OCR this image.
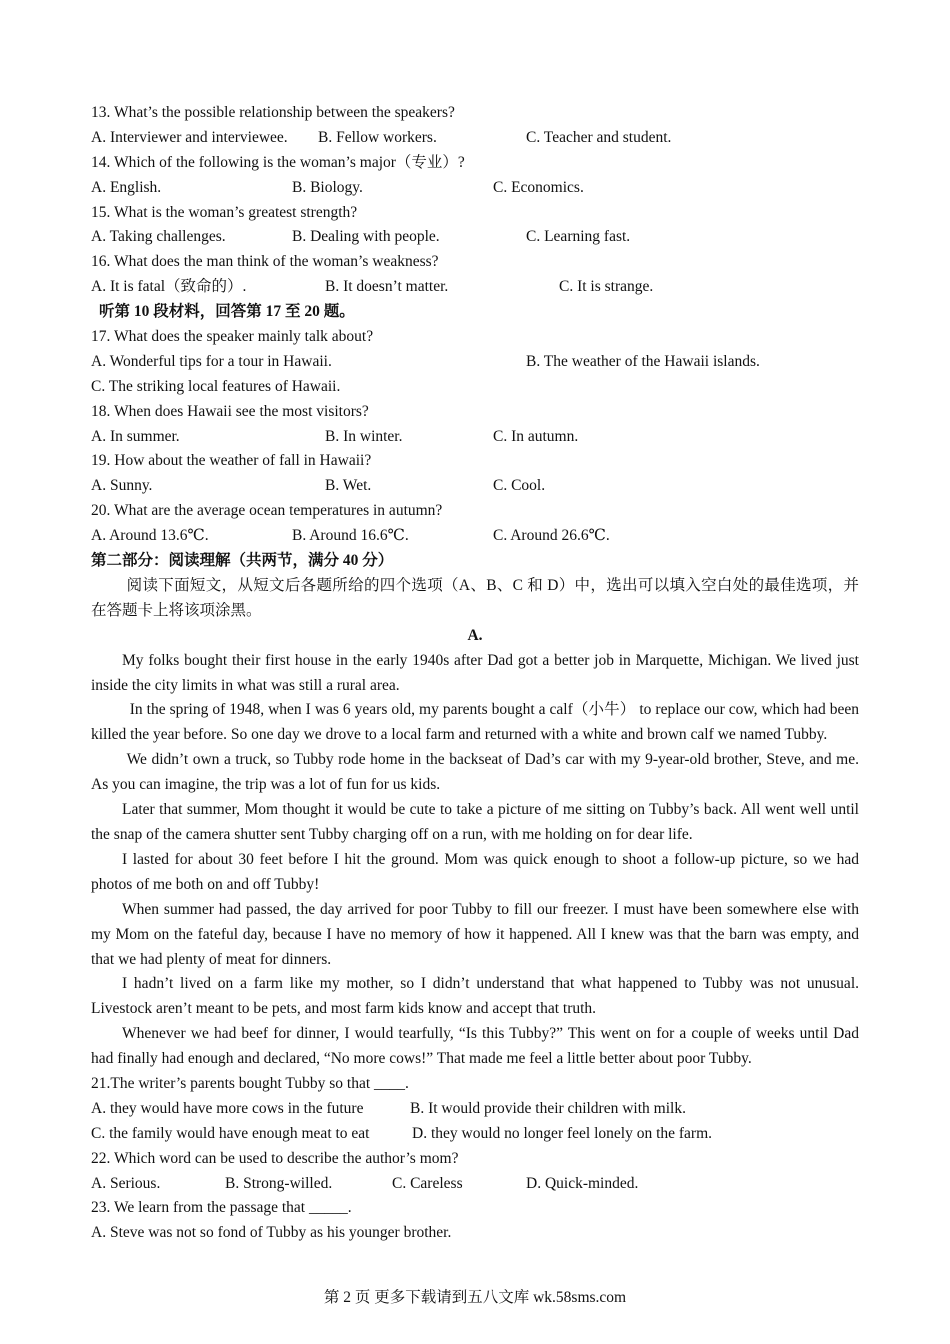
13. What’s the possible relationship between the speakers?
A. Interviewer and interviewee. B. Fellow workers.	C. Teacher and student.
14. Which of the following is the woman’s major（专业）?
A. English.	B. Biology.	C. Economics.
15. What is the woman’s greatest strength?
A. Taking challenges.	B. Dealing with people.	C. Learning fast.
16. What does the man think of the woman’s weakness?
A. It is fatal（致命的）.	B. It doesn’t matter.	C. It is strange.
听第 10 段材料，回答第 17 至 20 题。
17. What does the speaker mainly talk about?
A. Wonderful tips for a tour in Hawaii.	B. The weather of the Hawaii islands.
C. The striking local features of Hawaii.
18. When does Hawaii see the most visitors?
A. In summer.	B. In winter.	C. In autumn.
19. How about the weather of fall in Hawaii?
A. Sunny.	B. Wet.	C. Cool.
20. What are the average ocean temperatures in autumn?
A. Around 13.6℃.	B. Around 16.6℃.	C. Around 26.6℃.
第二部分：阅读理解（共两节，满分 40 分）

阅读下面短文，从短文后各题所给的四个选项（A、B、C 和 D）中，选出可以填入空白处的最佳选项，并在答题卡上将该项涂黑。

A.

My folks bought their first house in the early 1940s after Dad got a better job in Marquette, Michigan. We lived just inside the city limits in what was still a rural area.

In the spring of 1948, when I was 6 years old, my parents bought a calf（小牛） to replace our cow, which had been killed the year before. So one day we drove to a local farm and returned with a white and brown calf we named Tubby.

We didn’t own a truck, so Tubby rode home in the backseat of Dad’s car with my 9-year-old brother, Steve, and me. As you can imagine, the trip was a lot of fun for us kids.

Later that summer, Mom thought it would be cute to take a picture of me sitting on Tubby’s back. All went well until the snap of the camera shutter sent Tubby charging off on a run, with me holding on for dear life.

I lasted for about 30 feet before I hit the ground. Mom was quick enough to shoot a follow-up picture, so we had photos of me both on and off Tubby!

When summer had passed, the day arrived for poor Tubby to fill our freezer. I must have been somewhere else with my Mom on the fateful day, because I have no memory of how it happened. All I knew was that the barn was empty, and that we had plenty of meat for dinners.

I hadn’t lived on a farm like my mother, so I didn’t understand that what happened to Tubby was not unusual. Livestock aren’t meant to be pets, and most farm kids know and accept that truth.

Whenever we had beef for dinner, I would tearfully, “Is this Tubby?” This went on for a couple of weeks until Dad had finally had enough and declared, “No more cows!” That made me feel a little better about poor Tubby.

21.The writer’s parents bought Tubby so that ____.
A. they would have more cows in the future	B. It would provide their children with milk.
C. the family would have enough meat to eat	D. they would no longer feel lonely on the farm.
22. Which word can be used to describe the author’s mom?
A. Serious.	B. Strong-willed.	C. Careless	D. Quick-minded.
23. We learn from the passage that _____.
A. Steve was not so fond of Tubby as his younger brother.
第 2 页 更多下载请到五八文库 wk.58sms.com
